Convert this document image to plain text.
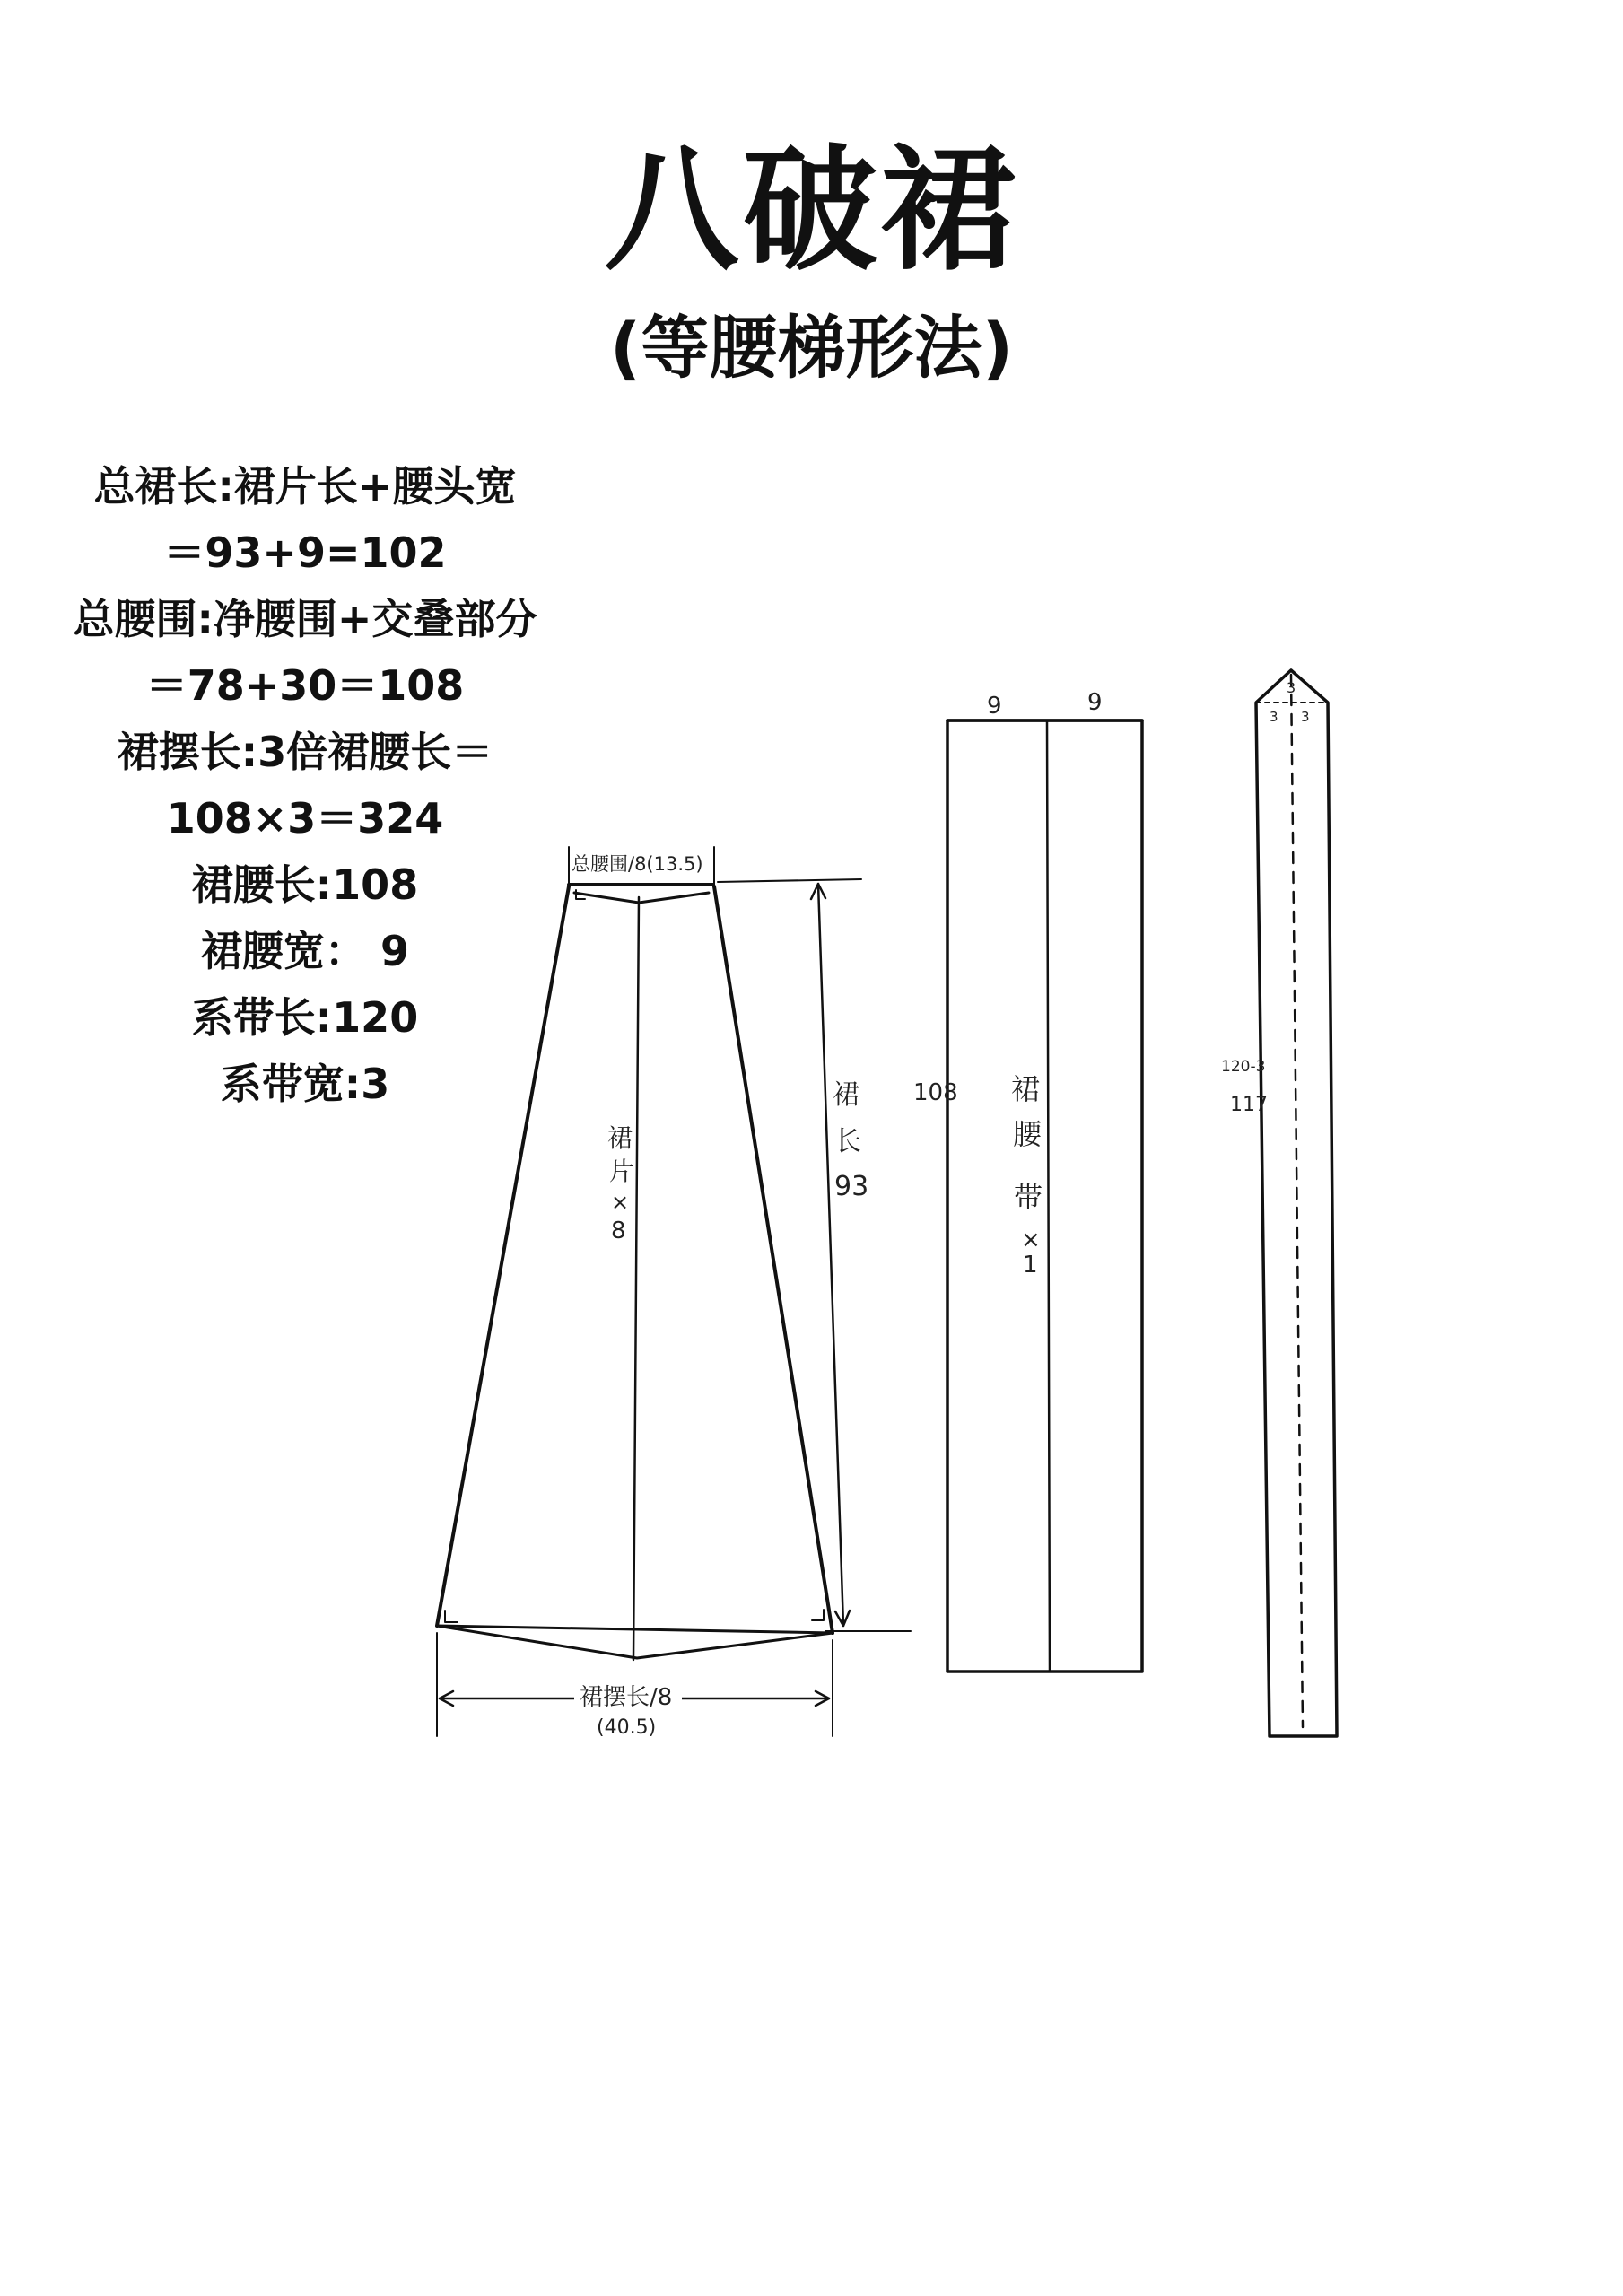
八破裙
(等腰梯形法)
总裙长:裙片长+腰头宽
＝93+9=102
总腰围:净腰围+交叠部分
＝78+30＝108
裙摆长:3倍裙腰长＝
108×3＝324
裙腰长:108
裙腰宽： 9
系带长:120
系带宽:3
总腰围/8(13.5)
裙
长
93
裙
片
×
8
裙摆长/8
(40.5)
9	9
108 裙
腰
带
×
1
3
3 3
120-3
117
